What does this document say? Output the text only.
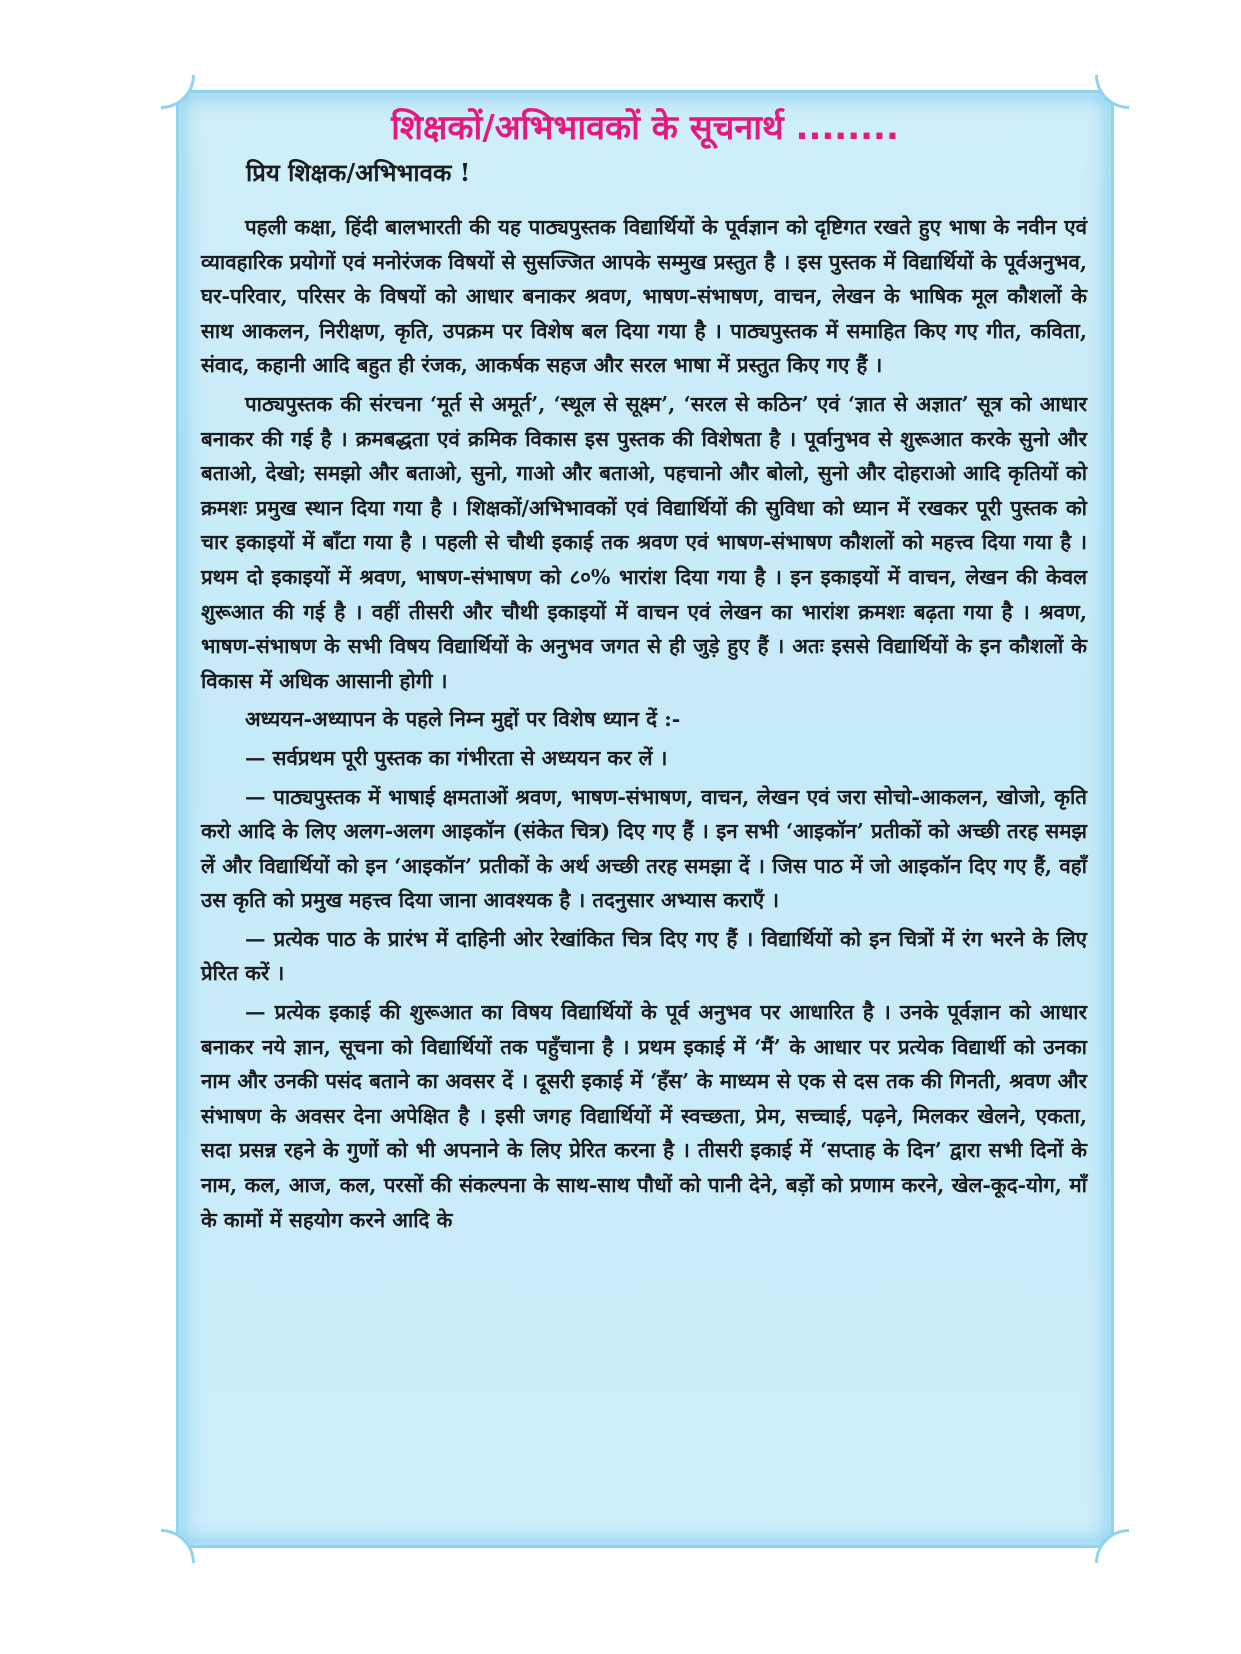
शिक्षकों/अभिभावकों के सूचनार्थ ........

प्रिय शिक्षक/अभिभावक !

पहली कक्षा, हिंदी बालभारती की यह पाठ्यपुस्तक विद्यार्थियों के पूर्वज्ञान को दृष्टिगत रखते हुए भाषा के नवीन एवं व्यावहारिक प्रयोगों एवं मनोरंजक विषयों से सुसज्जित आपके सम्मुख प्रस्तुत है । इस पुस्तक में विद्यार्थियों के पूर्वअनुभव, घर-परिवार, परिसर के विषयों को आधार बनाकर श्रवण, भाषण-संभाषण, वाचन, लेखन के भाषिक मूल कौशलों के साथ आकलन, निरीक्षण, कृति, उपक्रम पर विशेष बल दिया गया है । पाठ्यपुस्तक में समाहित किए गए गीत, कविता, संवाद, कहानी आदि बहुत ही रंजक, आकर्षक सहज और सरल भाषा में प्रस्तुत किए गए हैं ।

पाठ्यपुस्तक की संरचना ‘मूर्त से अमूर्त’, ‘स्थूल से सूक्ष्म’, ‘सरल से कठिन’ एवं ‘ज्ञात से अज्ञात’ सूत्र को आधार बनाकर की गई है । क्रमबद्धता एवं क्रमिक विकास इस पुस्तक की विशेषता है । पूर्वानुभव से शुरूआत करके सुनो और बताओ, देखो; समझो और बताओ, सुनो, गाओ और बताओ, पहचानो और बोलो, सुनो और दोहराओ आदि कृतियों को क्रमशः प्रमुख स्थान दिया गया है । शिक्षकों/अभिभावकों एवं विद्यार्थियों की सुविधा को ध्यान में रखकर पूरी पुस्तक को चार इकाइयों में बाँटा गया है । पहली से चौथी इकाई तक श्रवण एवं भाषण-संभाषण कौशलों को महत्त्व दिया गया है । प्रथम दो इकाइयों में श्रवण, भाषण-संभाषण को ८०% भारांश दिया गया है । इन इकाइयों में वाचन, लेखन की केवल शुरूआत की गई है । वहीं तीसरी और चौथी इकाइयों में वाचन एवं लेखन का भारांश क्रमशः बढ़ता गया है । श्रवण, भाषण-संभाषण के सभी विषय विद्यार्थियों के अनुभव जगत से ही जुड़े हुए हैं । अतः इससे विद्यार्थियों के इन कौशलों के विकास में अधिक आसानी होगी ।

अध्ययन-अध्यापन के पहले निम्न मुद्दों पर विशेष ध्यान दें :-

— सर्वप्रथम पूरी पुस्तक का गंभीरता से अध्ययन कर लें ।

— पाठ्यपुस्तक में भाषाई क्षमताओं श्रवण, भाषण-संभाषण, वाचन, लेखन एवं जरा सोचो-आकलन, खोजो, कृति करो आदि के लिए अलग-अलग आइकॉन (संकेत चित्र) दिए गए हैं । इन सभी ‘आइकॉन’ प्रतीकों को अच्छी तरह समझ लें और विद्यार्थियों को इन ‘आइकॉन’ प्रतीकों के अर्थ अच्छी तरह समझा दें । जिस पाठ में जो आइकॉन दिए गए हैं, वहाँ उस कृति को प्रमुख महत्त्व दिया जाना आवश्यक है । तदनुसार अभ्यास कराएँ ।

— प्रत्येक पाठ के प्रारंभ में दाहिनी ओर रेखांकित चित्र दिए गए हैं । विद्यार्थियों को इन चित्रों में रंग भरने के लिए प्रेरित करें ।

— प्रत्येक इकाई की शुरूआत का विषय विद्यार्थियों के पूर्व अनुभव पर आधारित है । उनके पूर्वज्ञान को आधार बनाकर नये ज्ञान, सूचना को विद्यार्थियों तक पहुँचाना है । प्रथम इकाई में ‘मैं’ के आधार पर प्रत्येक विद्यार्थी को उनका नाम और उनकी पसंद बताने का अवसर दें । दूसरी इकाई में ‘हँस’ के माध्यम से एक से दस तक की गिनती, श्रवण और संभाषण के अवसर देना अपेक्षित है । इसी जगह विद्यार्थियों में स्वच्छता, प्रेम, सच्चाई, पढ़ने, मिलकर खेलने, एकता, सदा प्रसन्न रहने के गुणों को भी अपनाने के लिए प्रेरित करना है । तीसरी इकाई में ‘सप्ताह के दिन’ द्वारा सभी दिनों के नाम, कल, आज, कल, परसों की संकल्पना के साथ-साथ पौधों को पानी देने, बड़ों को प्रणाम करने, खेल-कूद-योग, माँ के कामों में सहयोग करने आदि के
